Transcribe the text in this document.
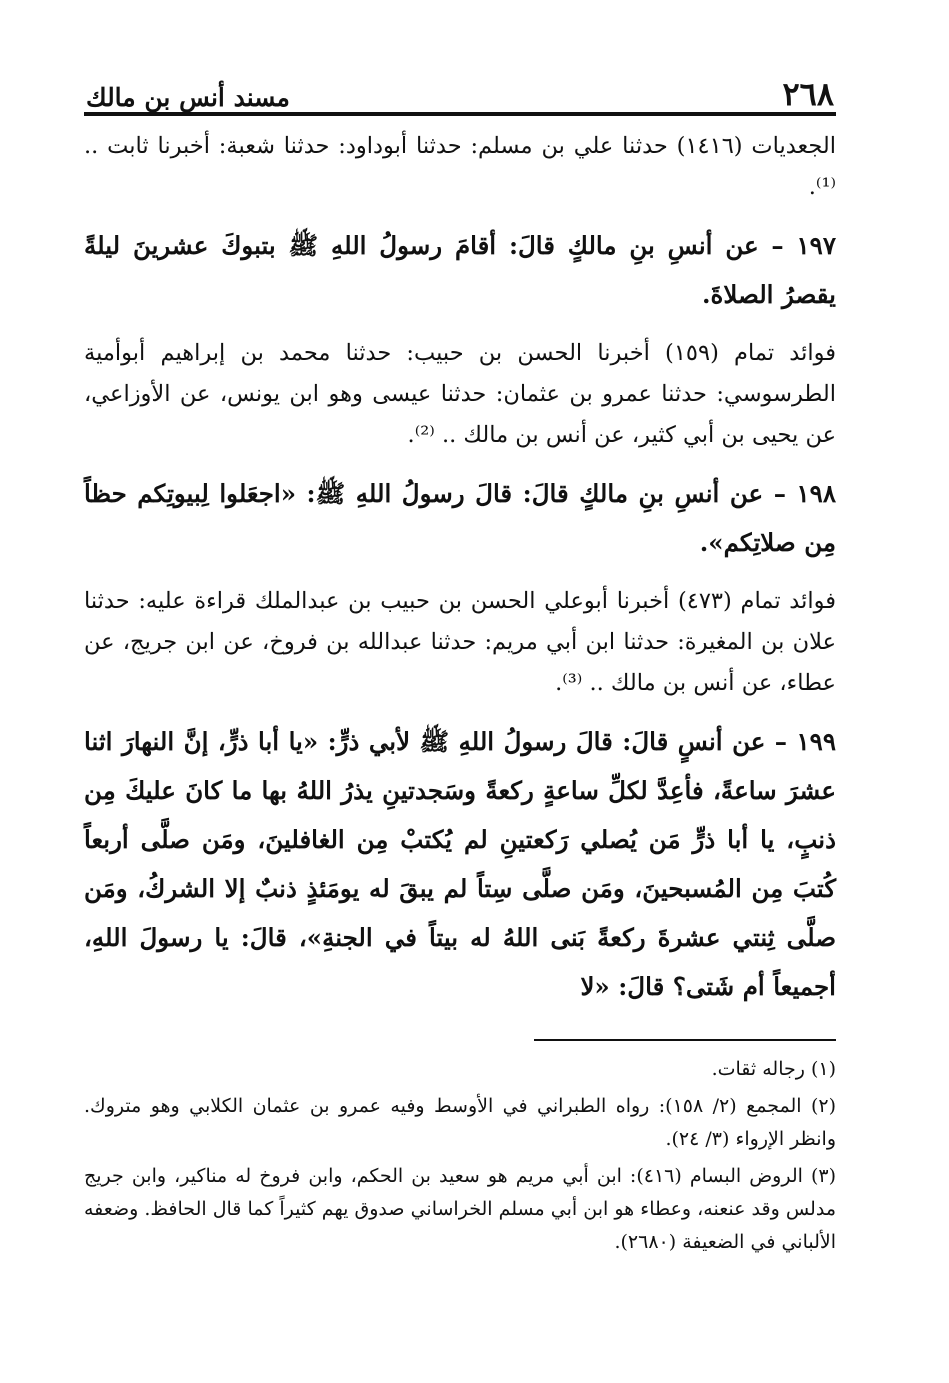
٢٦٨
مسند أنس بن مالك

الجعديات (١٤١٦) حدثنا علي بن مسلم: حدثنا أبوداود: حدثنا شعبة: أخبرنا ثابت .. ⁽¹⁾.

١٩٧ – عن أنسِ بنِ مالكٍ قالَ: أقامَ رسولُ اللهِ ﷺ بتبوكَ عشرينَ ليلةً يقصرُ الصلاةَ.

فوائد تمام (١٥٩) أخبرنا الحسن بن حبيب: حدثنا محمد بن إبراهيم أبوأمية الطرسوسي: حدثنا عمرو بن عثمان: حدثنا عيسى وهو ابن يونس، عن الأوزاعي، عن يحيى بن أبي كثير، عن أنس بن مالك .. ⁽²⁾.

١٩٨ – عن أنسِ بنِ مالكٍ قالَ: قالَ رسولُ اللهِ ﷺ: «اجعَلوا لِبيوتِكم حظاً مِن صلاتِكم».

فوائد تمام (٤٧٣) أخبرنا أبوعلي الحسن بن حبيب بن عبدالملك قراءة عليه: حدثنا علان بن المغيرة: حدثنا ابن أبي مريم: حدثنا عبدالله بن فروخ، عن ابن جريج، عن عطاء، عن أنس بن مالك .. ⁽³⁾.

١٩٩ – عن أنسٍ قالَ: قالَ رسولُ اللهِ ﷺ لأبي ذرٍّ: «يا أبا ذرٍّ، إنَّ النهارَ اثنا عشرَ ساعةً، فأعِدَّ لكلِّ ساعةٍ ركعةً وسَجدتينِ يذرُ اللهُ بها ما كانَ عليكَ مِن ذنبٍ، يا أبا ذرٍّ مَن يُصلي رَكعتينِ لم يُكتبْ مِن الغافلينَ، ومَن صلَّى أربعاً كُتبَ مِن المُسبحينَ، ومَن صلَّى سِتاً لم يبقَ له يومَئذٍ ذنبٌ إلا الشركُ، ومَن صلَّى ثِنتي عشرةَ ركعةً بَنى اللهُ له بيتاً في الجنةِ»، قالَ: يا رسولَ اللهِ، أجميعاً أم شَتى؟ قالَ: «لا

(١) رجاله ثقات.

(٢) المجمع (٢/ ١٥٨): رواه الطبراني في الأوسط وفيه عمرو بن عثمان الكلابي وهو متروك. وانظر الإرواء (٣/ ٢٤).

(٣) الروض البسام (٤١٦): ابن أبي مريم هو سعيد بن الحكم، وابن فروخ له مناكير، وابن جريج مدلس وقد عنعنه، وعطاء هو ابن أبي مسلم الخراساني صدوق يهم كثيراً كما قال الحافظ. وضعفه الألباني في الضعيفة (٢٦٨٠).
